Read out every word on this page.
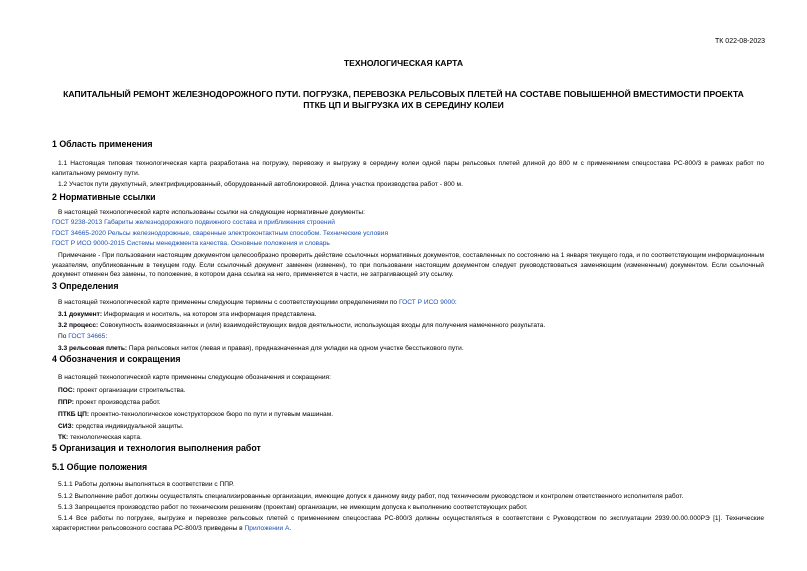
ТК 022-08-2023
ТЕХНОЛОГИЧЕСКАЯ КАРТА
КАПИТАЛЬНЫЙ РЕМОНТ ЖЕЛЕЗНОДОРОЖНОГО ПУТИ. ПОГРУЗКА, ПЕРЕВОЗКА РЕЛЬСОВЫХ ПЛЕТЕЙ НА СОСТАВЕ ПОВЫШЕННОЙ ВМЕСТИМОСТИ ПРОЕКТА
ПТКБ ЦП И ВЫГРУЗКА ИХ В СЕРЕДИНУ КОЛЕИ
1 Область применения
1.1 Настоящая типовая технологическая карта разработана на погрузку, перевозку и выгрузку в середину колеи одной пары рельсовых плетей длиной до 800 м с применением спецсостава РС-800/3 в рамках работ по капитальному ремонту пути.
1.2 Участок пути двухпутный, электрифицированный, оборудованный автоблокировкой. Длина участка производства работ - 800 м.
2 Нормативные ссылки
В настоящей технологической карте использованы ссылки на следующие нормативные документы:
ГОСТ 9238-2013 Габариты железнодорожного подвижного состава и приближения строений
ГОСТ 34665-2020 Рельсы железнодорожные, сваренные электроконтактным способом. Технические условия
ГОСТ Р ИСО 9000-2015 Системы менеджмента качества. Основные положения и словарь
Примечание - При пользовании настоящим документом целесообразно проверить действие ссылочных нормативных документов, составленных по состоянию на 1 января текущего года, и по соответствующим информационным указателям, опубликованным в текущем году. Если ссылочный документ заменен (изменен), то при пользовании настоящим документом следует руководствоваться заменяющим (измененным) документом. Если ссылочный документ отменен без замены, то положение, в котором дана ссылка на него, применяется в части, не затрагивающей эту ссылку.
3 Определения
В настоящей технологической карте применены следующие термины с соответствующими определениями по ГОСТ Р ИСО 9000:
3.1 документ: Информация и носитель, на котором эта информация представлена.
3.2 процесс: Совокупность взаимосвязанных и (или) взаимодействующих видов деятельности, использующая входы для получения намеченного результата.
По ГОСТ 34665:
3.3 рельсовая плеть: Пара рельсовых ниток (левая и правая), предназначенная для укладки на одном участке бесстыкового пути.
4 Обозначения и сокращения
В настоящей технологической карте применены следующие обозначения и сокращения:
ПОС: проект организации строительства.
ППР: проект производства работ.
ПТКБ ЦП: проектно-технологическое конструкторское бюро по пути и путевым машинам.
СИЗ: средства индивидуальной защиты.
ТК: технологическая карта.
5 Организация и технология выполнения работ
5.1 Общие положения
5.1.1 Работы должны выполняться в соответствии с ППР.
5.1.2 Выполнение работ должны осуществлять специализированные организации, имеющие допуск к данному виду работ, под техническим руководством и контролем ответственного исполнителя работ.
5.1.3 Запрещается производство работ по техническим решениям (проектам) организации, не имеющим допуска к выполнению соответствующих работ.
5.1.4 Все работы по погрузке, выгрузке и перевозке рельсовых плетей с применением спецсостава РС-800/3 должны осуществляться в соответствии с Руководством по эксплуатации 2939.00.00.000РЭ [1]. Технические характеристики рельсовозного состава РС-800/3 приведены в Приложении А.
